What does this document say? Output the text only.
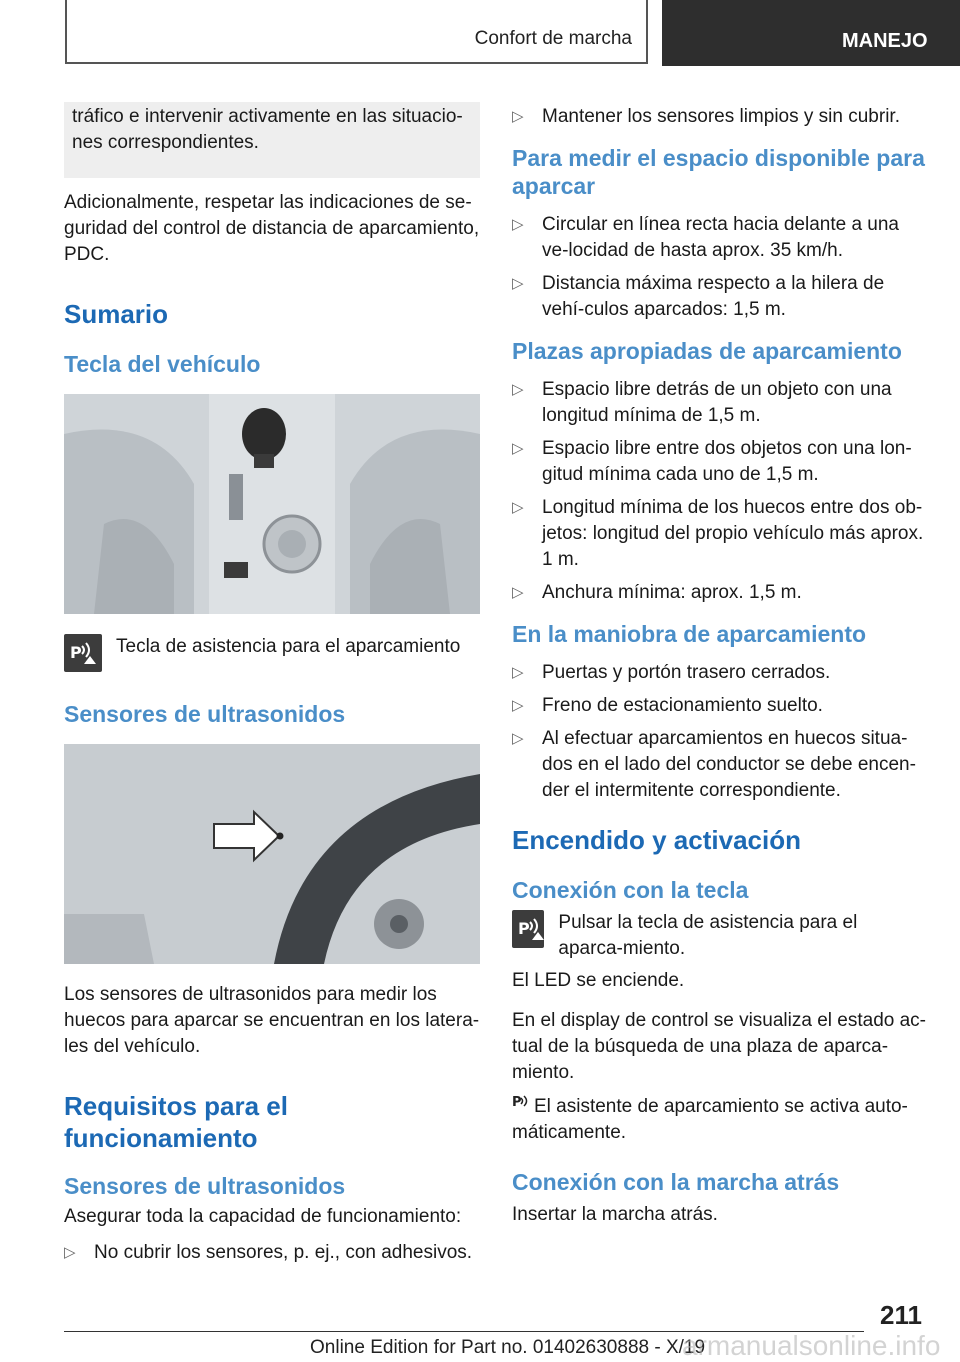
Confort de marcha	MANEJO

tráfico e intervenir activamente en las situacio-nes correspondientes.

Adicionalmente, respetar las indicaciones de se-guridad del control de distancia de aparcamiento, PDC.

Sumario
Tecla del vehículo
P Tecla de asistencia para el aparcamiento

Sensores de ultrasonidos

Los sensores de ultrasonidos para medir los huecos para aparcar se encuentran en los latera-les del vehículo.

Requisitos para el funcionamiento
Sensores de ultrasonidos

Asegurar toda la capacidad de funcionamiento:

▷ No cubrir los sensores, p. ej., con adhesivos.
▷ Mantener los sensores limpios y sin cubrir.
Para medir el espacio disponible para aparcar
▷ Circular en línea recta hacia delante a una ve-locidad de hasta aprox. 35 km/h.
▷ Distancia máxima respecto a la hilera de vehí-culos aparcados: 1,5 m.
Plazas apropiadas de aparcamiento
▷ Espacio libre detrás de un objeto con una longitud mínima de 1,5 m.
▷ Espacio libre entre dos objetos con una lon-gitud mínima cada uno de 1,5 m.
▷ Longitud mínima de los huecos entre dos ob-jetos: longitud del propio vehículo más aprox. 1 m.
▷ Anchura mínima: aprox. 1,5 m.
En la maniobra de aparcamiento
▷ Puertas y portón trasero cerrados.
▷ Freno de estacionamiento suelto.
▷ Al efectuar aparcamientos en huecos situa-dos en el lado del conductor se debe encen-der el intermitente correspondiente.
Encendido y activación
Conexión con la tecla
P Pulsar la tecla de asistencia para el aparca-miento.

El LED se enciende.

En el display de control se visualiza el estado ac-tual de la búsqueda de una plaza de aparca-miento.

P El asistente de aparcamiento se activa auto-máticamente.

Conexión con la marcha atrás

Insertar la marcha atrás.

211
Online Edition for Part no. 01402630888 - X/19
armanualsonline.info
